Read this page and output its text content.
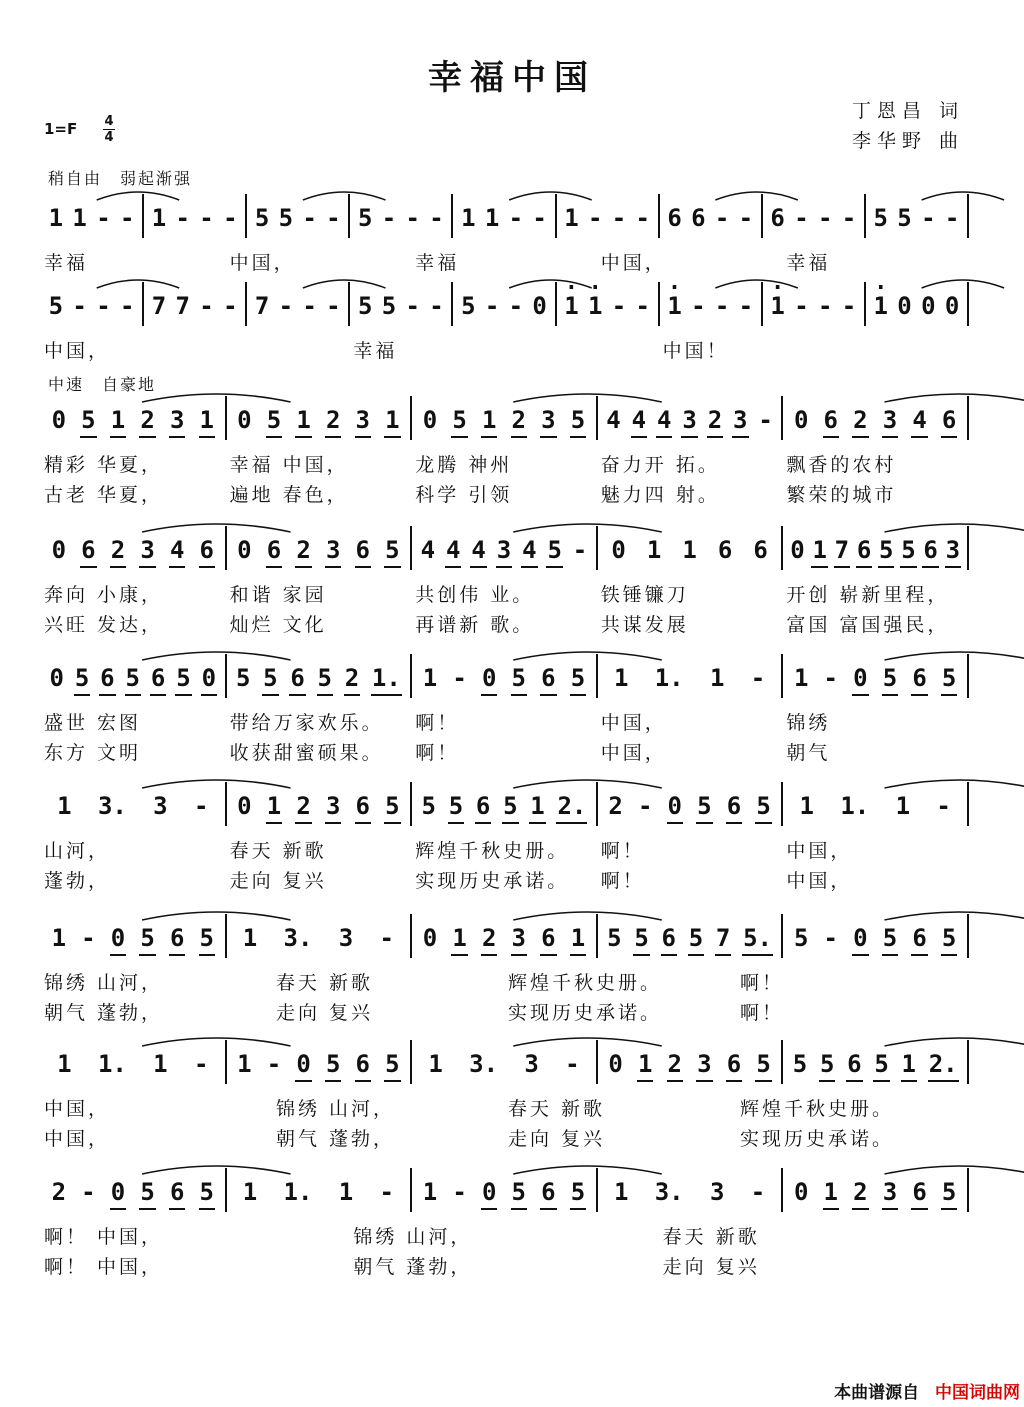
幸福中国
丁恩昌 词
李华野 曲
1=F 4
4
稍自由 弱起渐强
中速 自豪地
1 1 - - 1 - - - 5 5 - - 5 - - - 1 1 - - 1 - - - 6 6 - - 6 - - - 5 5 - -
幸福	中国，	幸福	中国，	幸福
5 - - - 7 7 - - 7 - - - 5 5 - - 5 - - 0 · 1 · 1 - - · 1 - - - · 1 - - - · 1 0 0 0
中国，	幸福	中国！
0 5 1 2 3 1 0 5 1 2 3 1 0 5 1 2 3 5 4 4 4 3 2 3 - 0 6 2 3 4 6
精彩 华夏，	幸福 中国，	龙腾 神州	奋力开 拓。	飘香的农村
古老 华夏，	遍地 春色，	科学 引领	魅力四 射。	繁荣的城市
0 6 2 3 4 6 0 6 2 3 6 5 4 4 4 3 4 5 - 0 1 1 6 6 0 1 7 6 5 5 6 3
奔向 小康，	和谐 家园	共创伟 业。	铁锤镰刀	开创 崭新里程，
兴旺 发达，	灿烂 文化	再谱新 歌。	共谋发展	富国 富国强民，
0 5 6 5 6 5 0 5 5 6 5 2 1. 1 - 0 5 6 5 1 1. 1 - 1 - 0 5 6 5
盛世 宏图	带给万家欢乐。 啊！	中国，	锦绣
东方 文明	收获甜蜜硕果。 啊！	中国，	朝气
1 3. 3 - 0 1 2 3 6 5 5 5 6 5 1 2. 2 - 0 5 6 5 1 1. 1 -
山河，	春天 新歌	辉煌千秋史册。 啊！	中国，
蓬勃，	走向 复兴	实现历史承诺。 啊！	中国，
1 - 0 5 6 5 1 3. 3 - 0 1 2 3 6 1 5 5 6 5 7 5. 5 - 0 5 6 5
锦绣 山河，	春天 新歌	辉煌千秋史册。	啊！
朝气 蓬勃，	走向 复兴	实现历史承诺。	啊！
1 1. 1 - 1 - 0 5 6 5 1 3. 3 - 0 1 2 3 6 5 5 5 6 5 1 2.
中国，	锦绣 山河，	春天 新歌	辉煌千秋史册。
中国，	朝气 蓬勃，	走向 复兴	实现历史承诺。
2 - 0 5 6 5 1 1. 1 - 1 - 0 5 6 5 1 3. 3 - 0 1 2 3 6 5
啊！ 中国，	锦绣 山河，	春天 新歌
啊！ 中国，	朝气 蓬勃，	走向 复兴
本曲谱源自 中国词曲网
